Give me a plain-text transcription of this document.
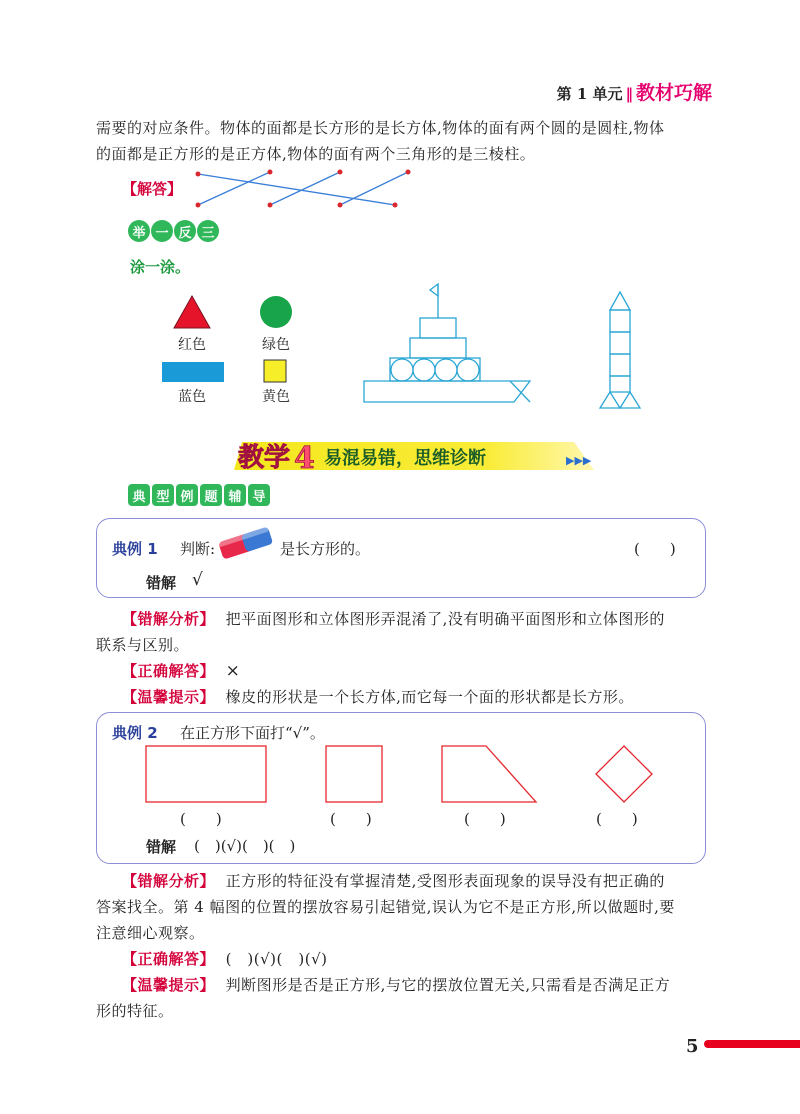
第 1 单元 ‖ 教材巧解
需要的对应条件。物体的面都是长方形的是长方体,物体的面有两个圆的是圆柱,物体
的面都是正方形的是正方体,物体的面有两个三角形的是三棱柱。
【解答】
举 一 反 三
涂一涂。
红色	绿色
蓝色	黄色
教学 4 易混易错，思维诊断	▶▶▶
典 型 例 题 辅 导
典例 1 判断:	是长方形的。	(　　)
错解 √
【错解分析】 把平面图形和立体图形弄混淆了,没有明确平面图形和立体图形的
联系与区别。
【正确解答】 ×
【温馨提示】 橡皮的形状是一个长方体,而它每一个面的形状都是长方形。
典例 2 在正方形下面打“√”。
(　　)	(　　)	(　　)	(　　)
错解 (　)(√)(　)(　)
【错解分析】 正方形的特征没有掌握清楚,受图形表面现象的误导没有把正确的
答案找全。第 4 幅图的位置的摆放容易引起错觉,误认为它不是正方形,所以做题时,要
注意细心观察。
【正确解答】 (　)(√)(　)(√)
【温馨提示】 判断图形是否是正方形,与它的摆放位置无关,只需看是否满足正方
形的特征。
5
